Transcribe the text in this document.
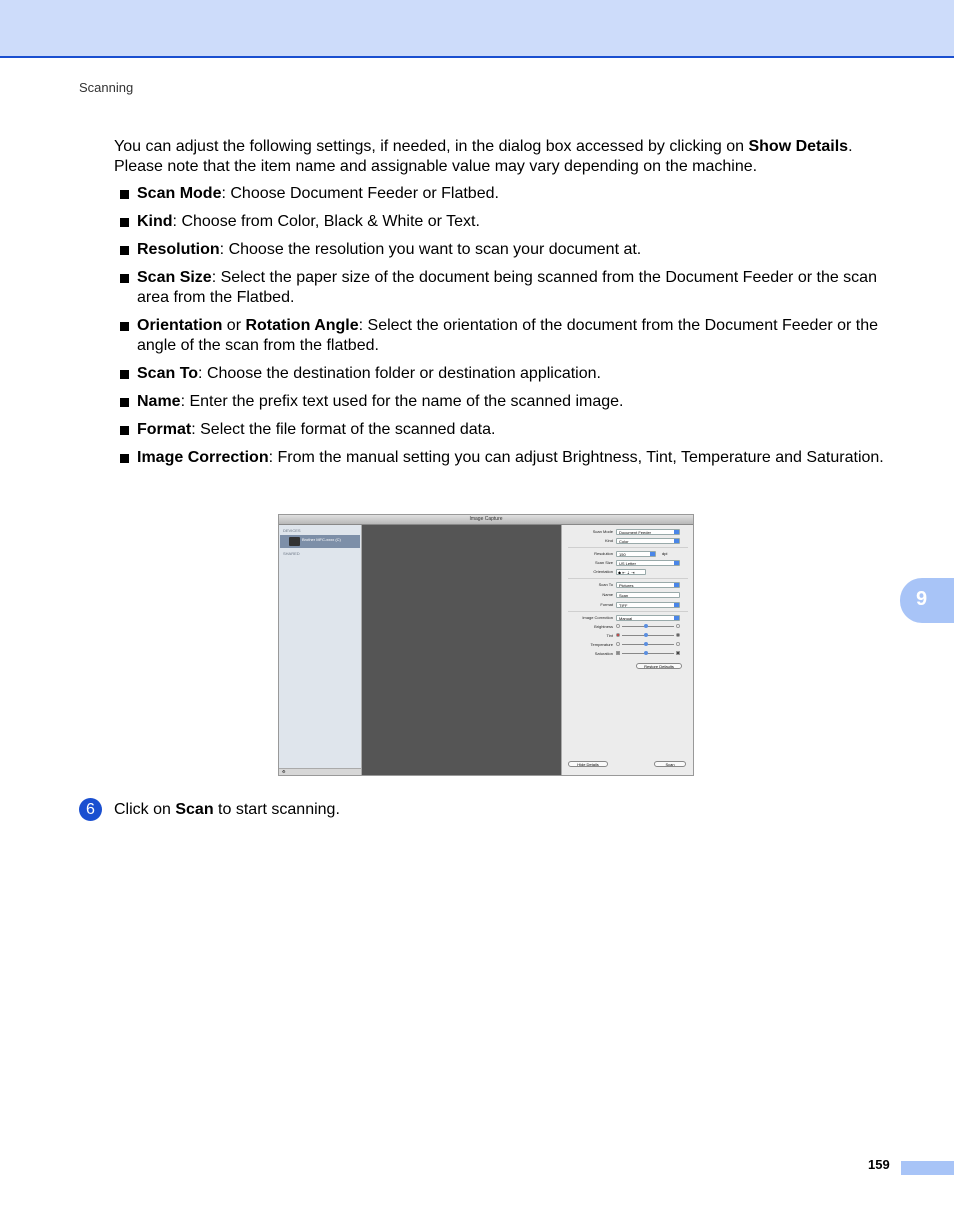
Scanning
You can adjust the following settings, if needed, in the dialog box accessed by clicking on Show Details. Please note that the item name and assignable value may vary depending on the machine.
Scan Mode: Choose Document Feeder or Flatbed.
Kind: Choose from Color, Black & White or Text.
Resolution: Choose the resolution you want to scan your document at.
Scan Size: Select the paper size of the document being scanned from the Document Feeder or the scan area from the Flatbed.
Orientation or Rotation Angle: Select the orientation of the document from the Document Feeder or the angle of the scan from the flatbed.
Scan To: Choose the destination folder or destination application.
Name: Enter the prefix text used for the name of the scanned image.
Format: Select the file format of the scanned data.
Image Correction: From the manual setting you can adjust Brightness, Tint, Temperature and Saturation.
Image Capture
DEVICES
Brother MFC-xxxx (C)
SHARED
⚙
Scan Mode	Document Feeder
Kind	Color
Resolution	150	dpi
Scan Size	US Letter
Orientation	◆ ⇤ ⇣ ⇥
Scan To	Pictures
Name	Scan
Format	TIFF
Image Correction	Manual
Brightness
Tint
Temperature
Saturation
Restore Defaults
Hide Details	Scan
9
6	Click on Scan to start scanning.
159
